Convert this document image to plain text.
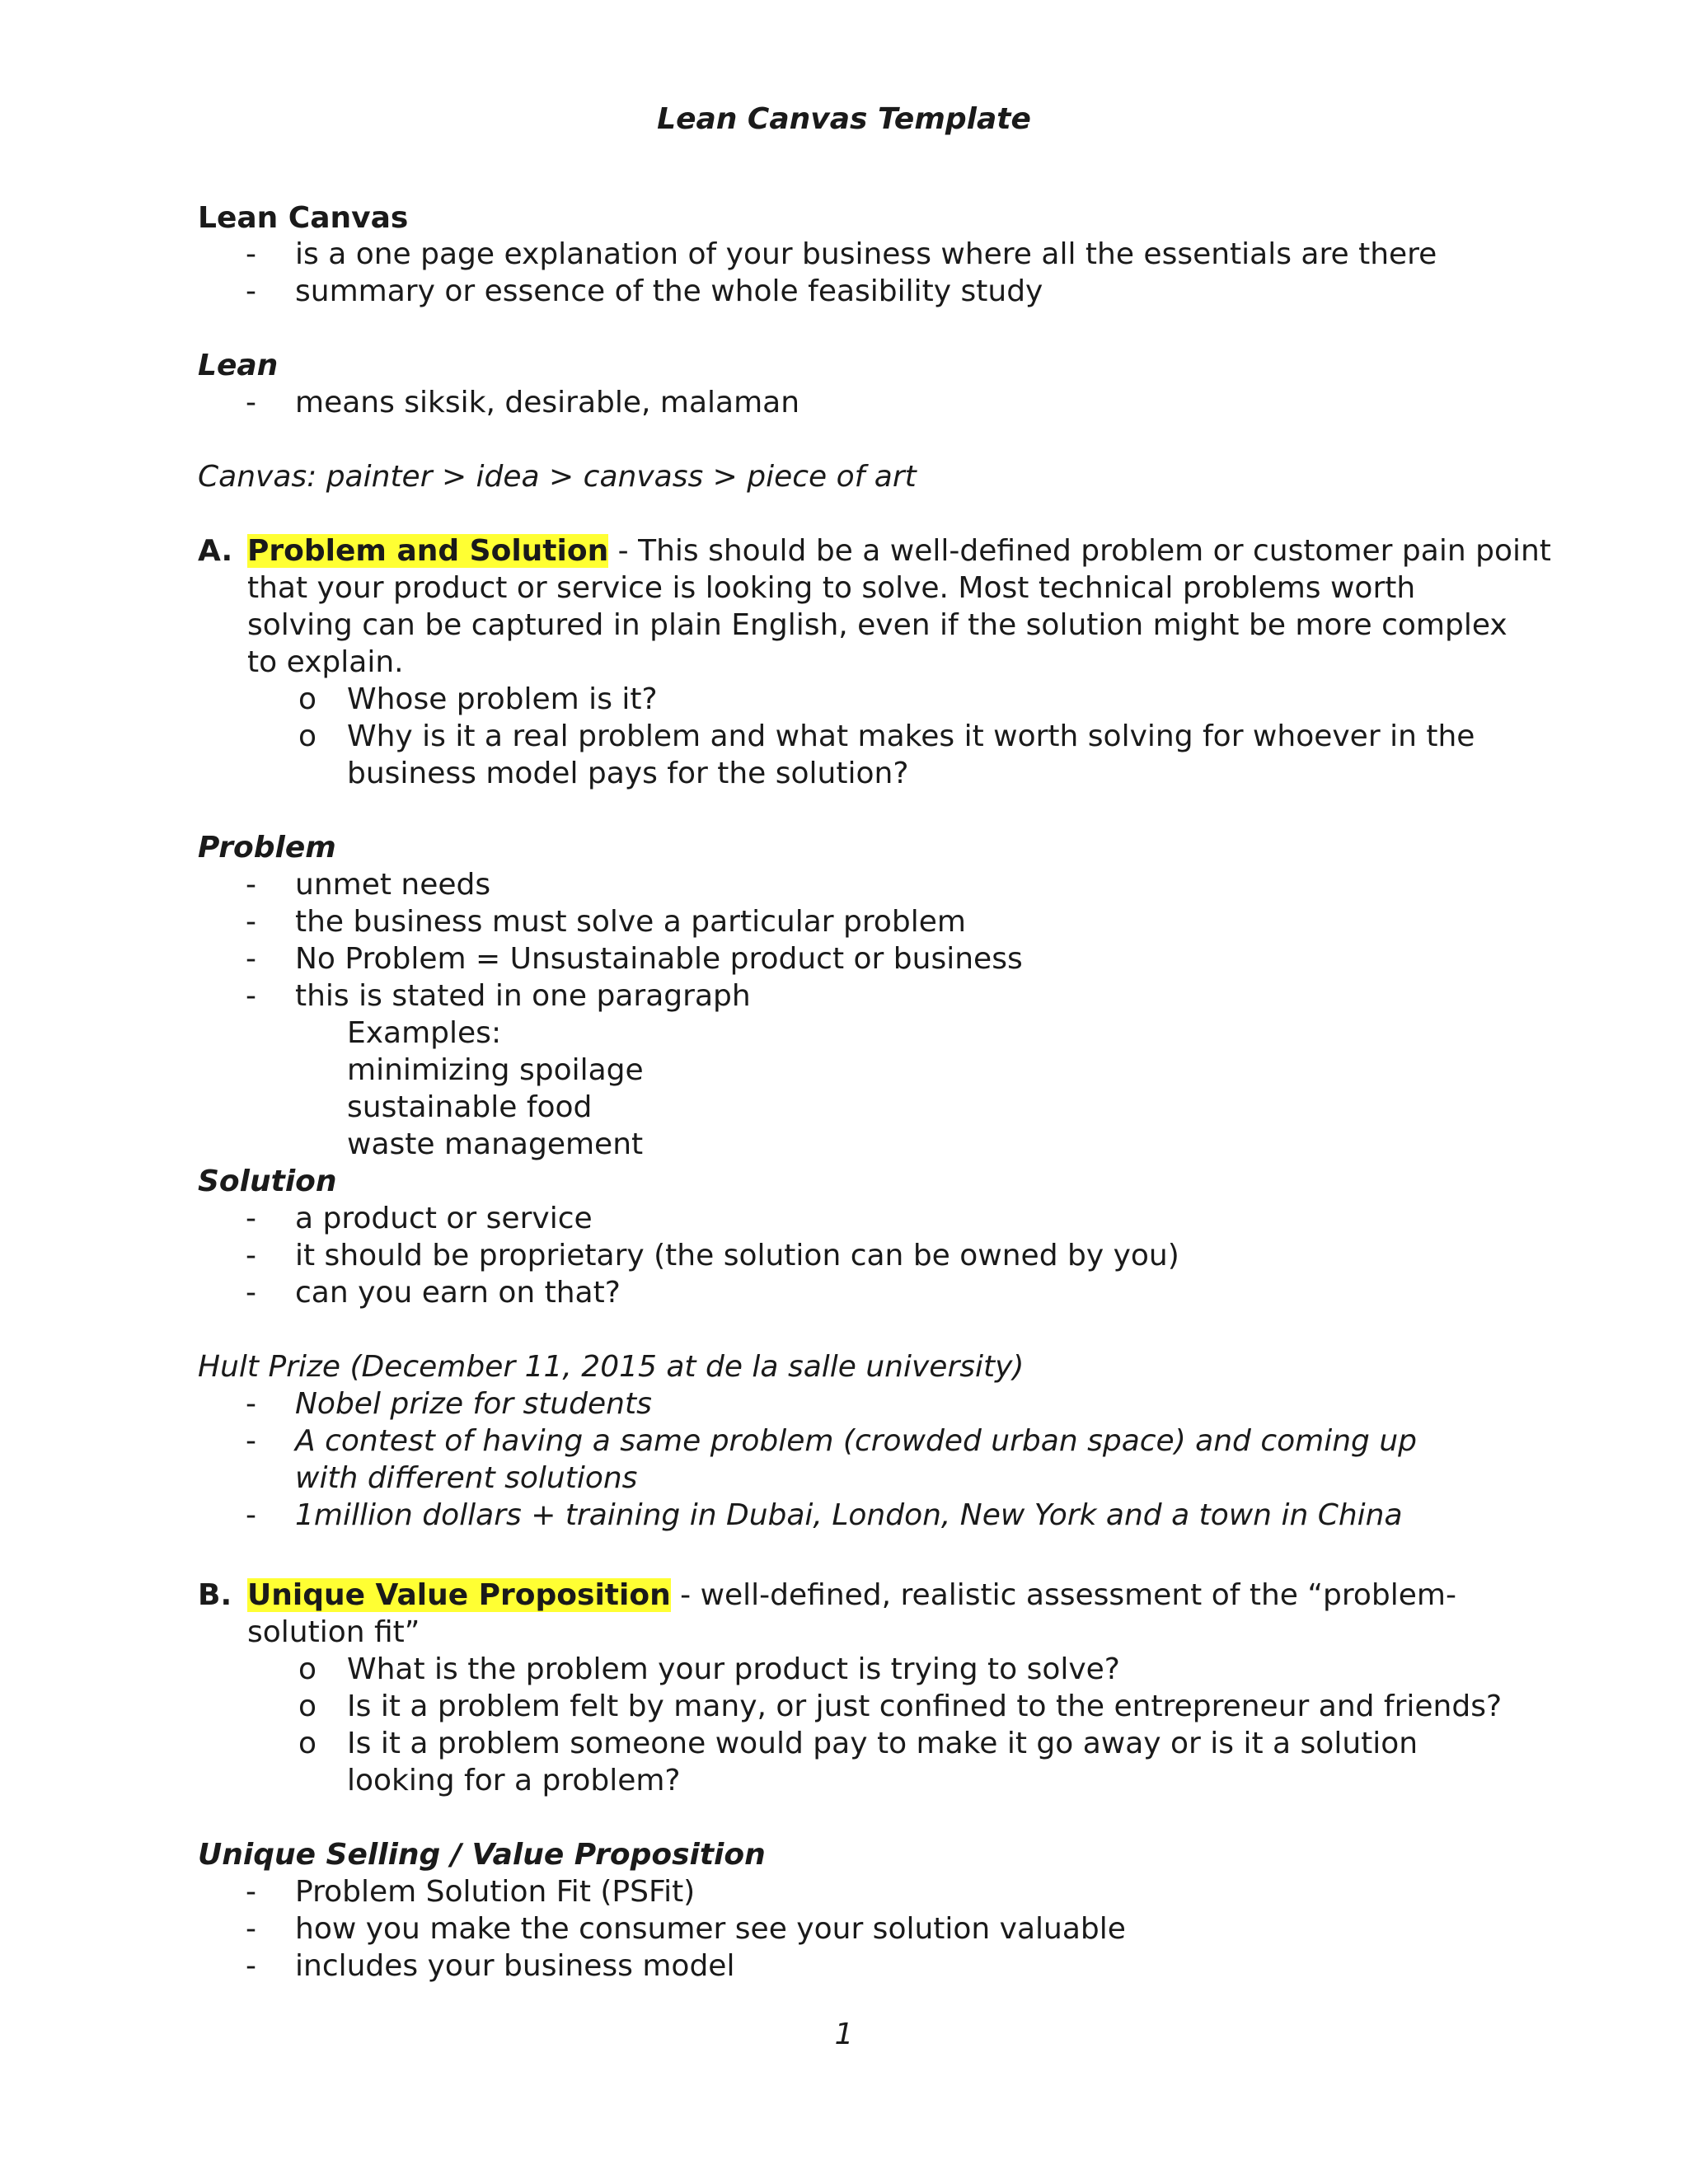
Lean Canvas Template
Lean Canvas
- is a one page explanation of your business where all the essentials are there
- summary or essence of the whole feasibility study
Lean
- means siksik, desirable, malaman
Canvas: painter > idea > canvass > piece of art
A. Problem and Solution - This should be a well-defined problem or customer pain point
that your product or service is looking to solve. Most technical problems worth
solving can be captured in plain English, even if the solution might be more complex
to explain.
o Whose problem is it?
o Why is it a real problem and what makes it worth solving for whoever in the
business model pays for the solution?
Problem
- unmet needs
- the business must solve a particular problem
- No Problem = Unsustainable product or business
- this is stated in one paragraph
Examples:
minimizing spoilage
sustainable food
waste management
Solution
- a product or service
- it should be proprietary (the solution can be owned by you)
- can you earn on that?
Hult Prize (December 11, 2015 at de la salle university)
- Nobel prize for students
- A contest of having a same problem (crowded urban space) and coming up
with different solutions
- 1million dollars + training in Dubai, London, New York and a town in China
B. Unique Value Proposition - well-defined, realistic assessment of the “problem-
solution fit”
o What is the problem your product is trying to solve?
o Is it a problem felt by many, or just confined to the entrepreneur and friends?
o Is it a problem someone would pay to make it go away or is it a solution
looking for a problem?
Unique Selling / Value Proposition
- Problem Solution Fit (PSFit)
- how you make the consumer see your solution valuable
- includes your business model
1
